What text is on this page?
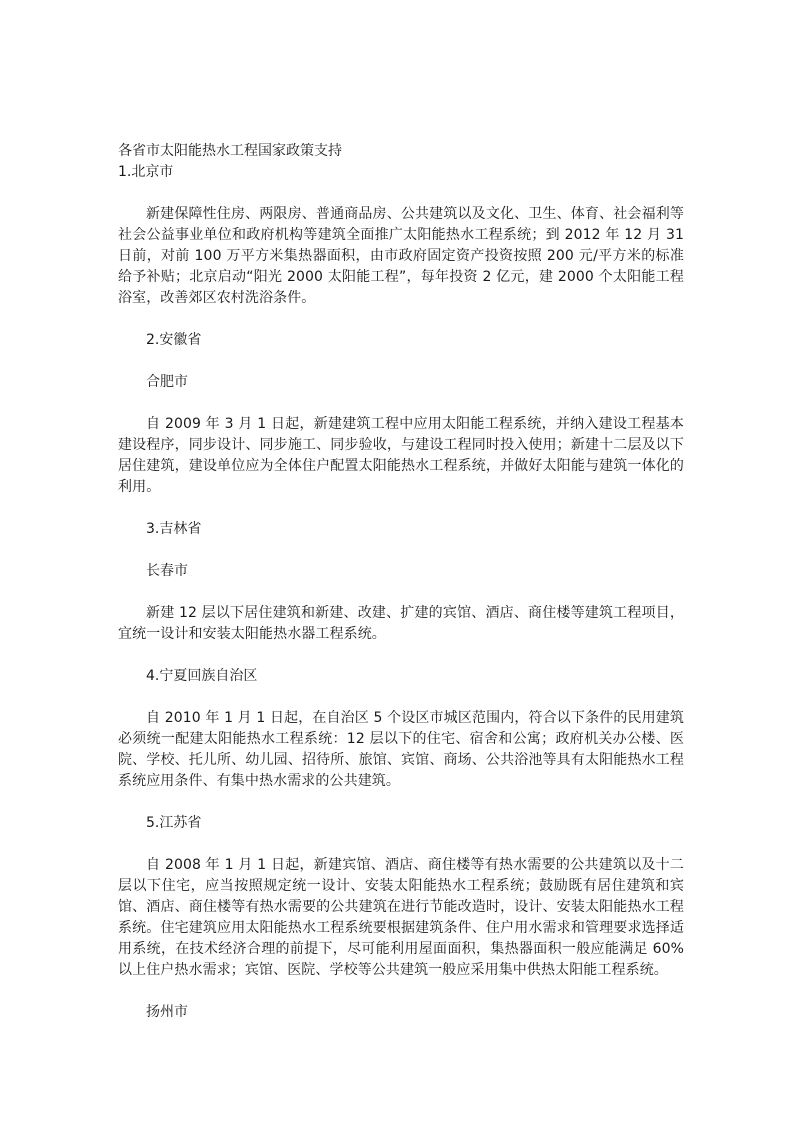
各省市太阳能热水工程国家政策支持

1.北京市

新建保障性住房、两限房、普通商品房、公共建筑以及文化、卫生、体育、社会福利等社会公益事业单位和政府机构等建筑全面推广太阳能热水工程系统；到 2012 年 12 月 31 日前，对前 100 万平方米集热器面积，由市政府固定资产投资按照 200 元/平方米的标准给予补贴；北京启动“阳光 2000 太阳能工程”，每年投资 2 亿元，建 2000 个太阳能工程浴室，改善郊区农村洗浴条件。

2.安徽省

合肥市

自 2009 年 3 月 1 日起，新建建筑工程中应用太阳能工程系统，并纳入建设工程基本建设程序，同步设计、同步施工、同步验收，与建设工程同时投入使用；新建十二层及以下居住建筑，建设单位应为全体住户配置太阳能热水工程系统，并做好太阳能与建筑一体化的利用。

3.吉林省

长春市

新建 12 层以下居住建筑和新建、改建、扩建的宾馆、酒店、商住楼等建筑工程项目，宜统一设计和安装太阳能热水器工程系统。

4.宁夏回族自治区

自 2010 年 1 月 1 日起，在自治区 5 个设区市城区范围内，符合以下条件的民用建筑必须统一配建太阳能热水工程系统：12 层以下的住宅、宿舍和公寓；政府机关办公楼、医院、学校、托儿所、幼儿园、招待所、旅馆、宾馆、商场、公共浴池等具有太阳能热水工程系统应用条件、有集中热水需求的公共建筑。

5.江苏省

自 2008 年 1 月 1 日起，新建宾馆、酒店、商住楼等有热水需要的公共建筑以及十二层以下住宅，应当按照规定统一设计、安装太阳能热水工程系统；鼓励既有居住建筑和宾馆、酒店、商住楼等有热水需要的公共建筑在进行节能改造时，设计、安装太阳能热水工程系统。住宅建筑应用太阳能热水工程系统要根据建筑条件、住户用水需求和管理要求选择适用系统，在技术经济合理的前提下，尽可能利用屋面面积，集热器面积一般应能满足 60%以上住户热水需求；宾馆、医院、学校等公共建筑一般应采用集中供热太阳能工程系统。

扬州市
